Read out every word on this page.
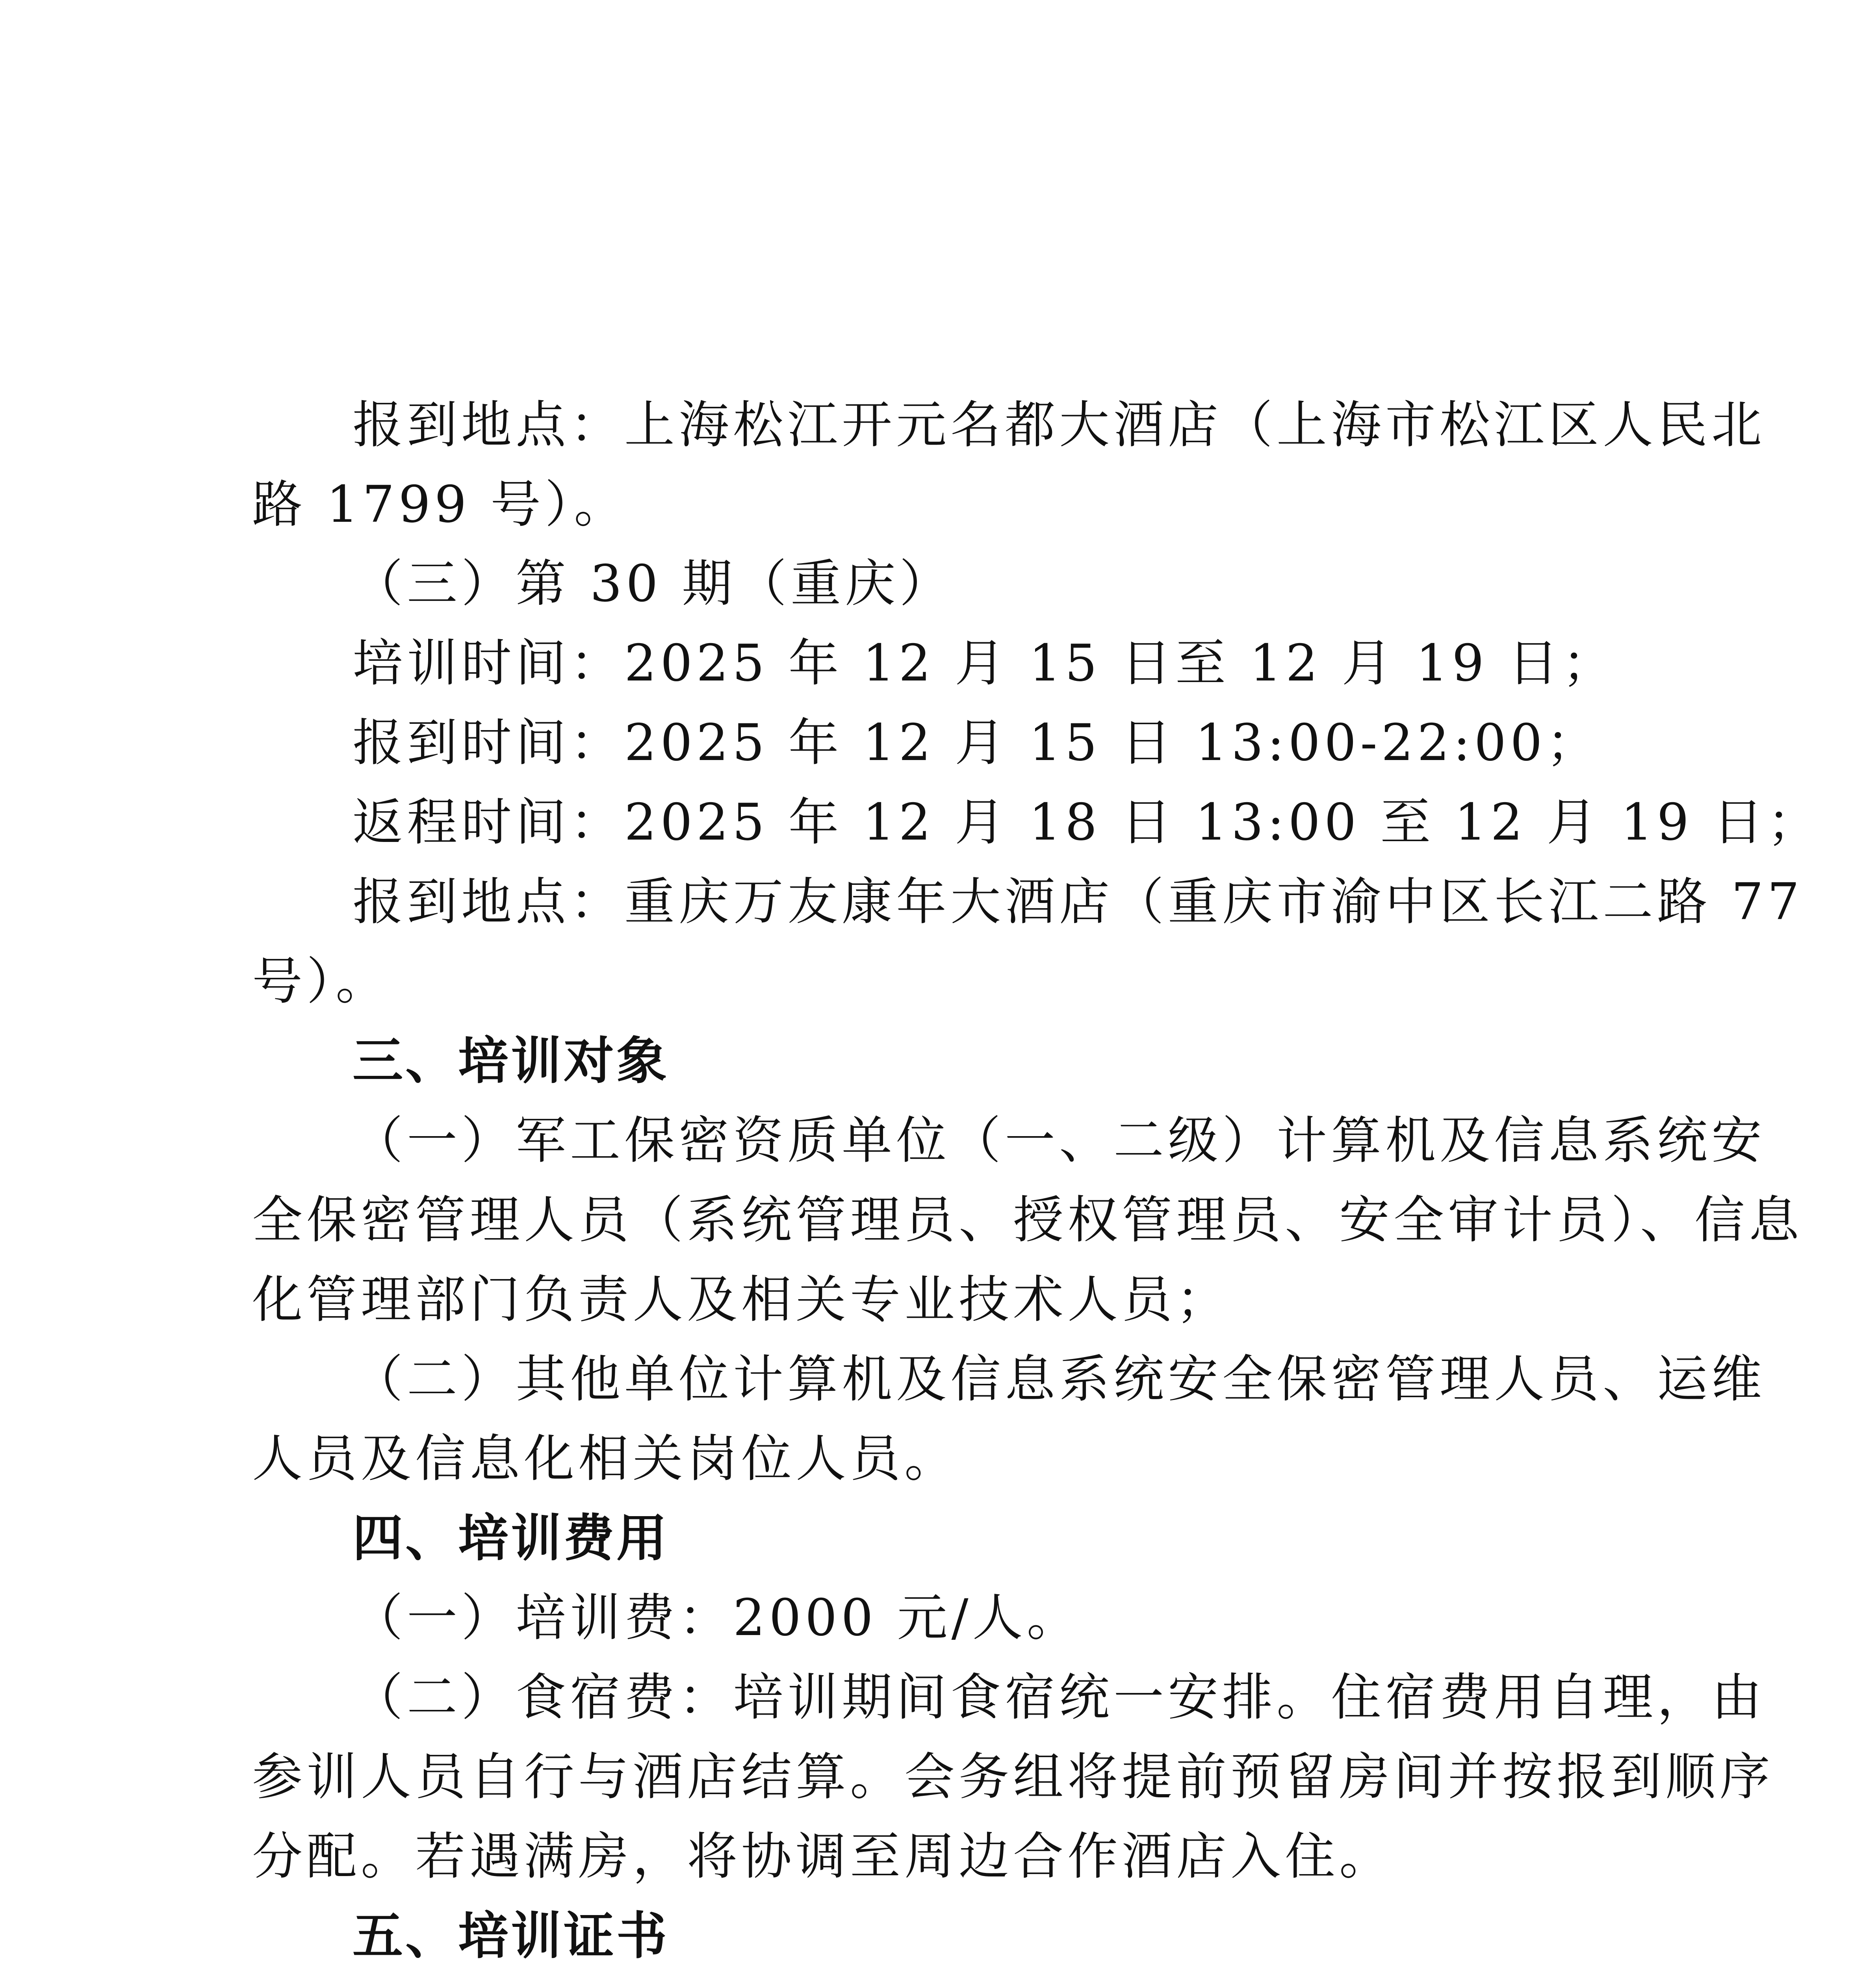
报到地点：上海松江开元名都大酒店（上海市松江区人民北
路 1799 号）。
（三）第 30 期（重庆）
培训时间：2025 年 12 月 15 日至 12 月 19 日；
报到时间：2025 年 12 月 15 日 13:00-22:00；
返程时间：2025 年 12 月 18 日 13:00 至 12 月 19 日；
报到地点：重庆万友康年大酒店（重庆市渝中区长江二路 77
号）。
三、培训对象
（一）军工保密资质单位（一、二级）计算机及信息系统安
全保密管理人员（系统管理员、授权管理员、安全审计员）、信息
化管理部门负责人及相关专业技术人员；
（二）其他单位计算机及信息系统安全保密管理人员、运维
人员及信息化相关岗位人员。
四、培训费用
（一）培训费：2000 元/人。
（二）食宿费：培训期间食宿统一安排。住宿费用自理，由
参训人员自行与酒店结算。会务组将提前预留房间并按报到顺序
分配。若遇满房，将协调至周边合作酒店入住。
五、培训证书
